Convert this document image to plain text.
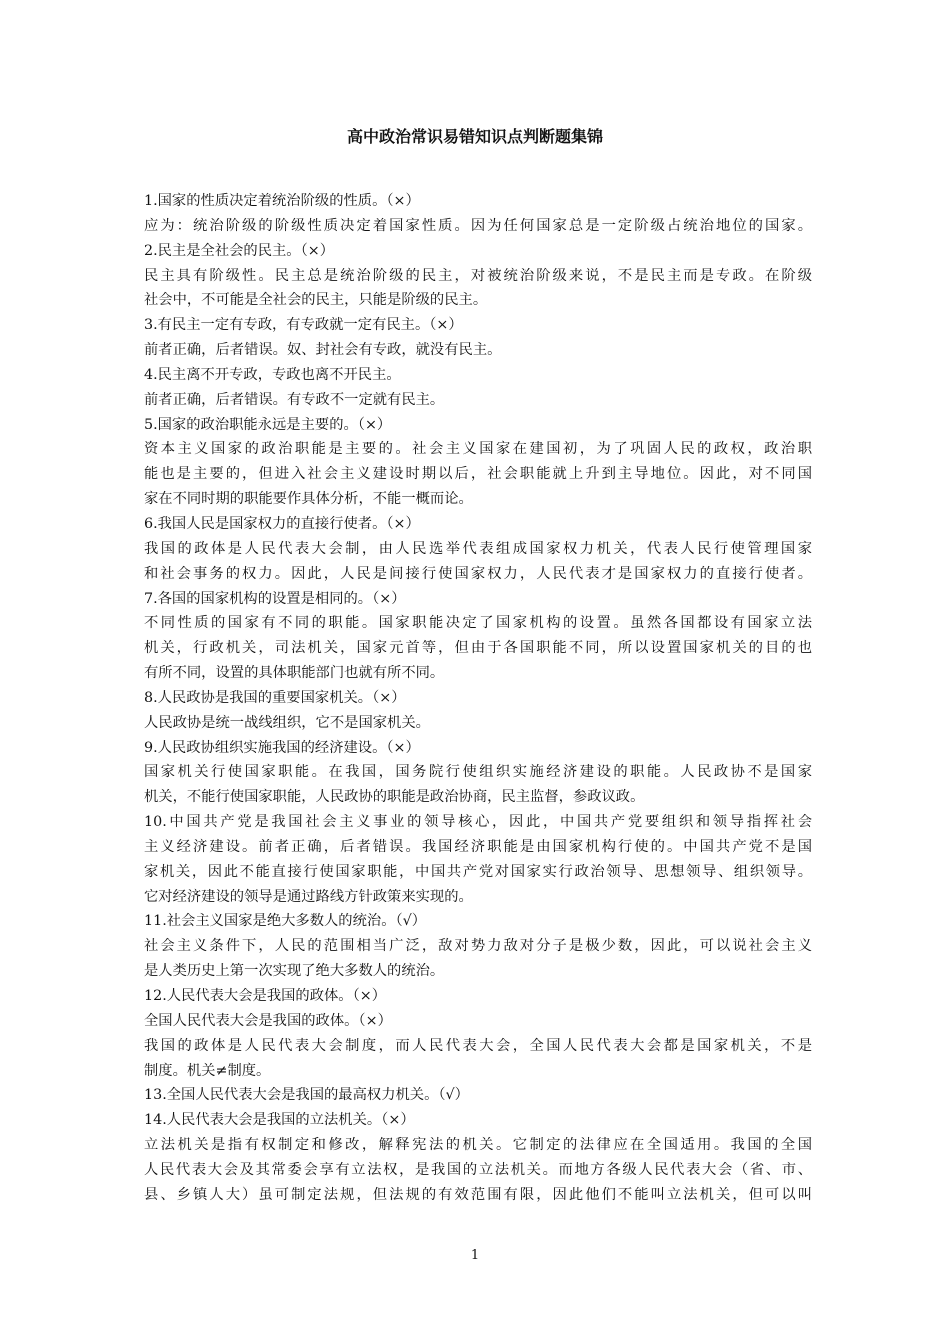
高中政治常识易错知识点判断题集锦
1.国家的性质决定着统治阶级的性质。（×）
应为：统治阶级的阶级性质决定着国家性质。因为任何国家总是一定阶级占统治地位的国家。
2.民主是全社会的民主。（×）
民主具有阶级性。民主总是统治阶级的民主，对被统治阶级来说，不是民主而是专政。在阶级
社会中，不可能是全社会的民主，只能是阶级的民主。
3.有民主一定有专政，有专政就一定有民主。（×）
前者正确，后者错误。奴、封社会有专政，就没有民主。
4.民主离不开专政，专政也离不开民主。
前者正确，后者错误。有专政不一定就有民主。
5.国家的政治职能永远是主要的。（×）
资本主义国家的政治职能是主要的。社会主义国家在建国初，为了巩固人民的政权，政治职
能也是主要的，但进入社会主义建设时期以后，社会职能就上升到主导地位。因此，对不同国
家在不同时期的职能要作具体分析，不能一概而论。
6.我国人民是国家权力的直接行使者。（×）
我国的政体是人民代表大会制，由人民选举代表组成国家权力机关，代表人民行使管理国家
和社会事务的权力。因此，人民是间接行使国家权力，人民代表才是国家权力的直接行使者。
7.各国的国家机构的设置是相同的。（×）
不同性质的国家有不同的职能。国家职能决定了国家机构的设置。虽然各国都设有国家立法
机关，行政机关，司法机关，国家元首等，但由于各国职能不同，所以设置国家机关的目的也
有所不同，设置的具体职能部门也就有所不同。
8.人民政协是我国的重要国家机关。（×）
人民政协是统一战线组织，它不是国家机关。
9.人民政协组织实施我国的经济建设。（×）
国家机关行使国家职能。在我国，国务院行使组织实施经济建设的职能。人民政协不是国家
机关，不能行使国家职能，人民政协的职能是政治协商，民主监督，参政议政。
10.中国共产党是我国社会主义事业的领导核心，因此，中国共产党要组织和领导指挥社会
主义经济建设。前者正确，后者错误。我国经济职能是由国家机构行使的。中国共产党不是国
家机关，因此不能直接行使国家职能，中国共产党对国家实行政治领导、思想领导、组织领导。
它对经济建设的领导是通过路线方针政策来实现的。
11.社会主义国家是绝大多数人的统治。（√）
社会主义条件下，人民的范围相当广泛，敌对势力敌对分子是极少数，因此，可以说社会主义
是人类历史上第一次实现了绝大多数人的统治。
12.人民代表大会是我国的政体。（×）
全国人民代表大会是我国的政体。（×）
我国的政体是人民代表大会制度，而人民代表大会，全国人民代表大会都是国家机关，不是
制度。机关≠制度。
13.全国人民代表大会是我国的最高权力机关。（√）
14.人民代表大会是我国的立法机关。（×）
立法机关是指有权制定和修改，解释宪法的机关。它制定的法律应在全国适用。我国的全国
人民代表大会及其常委会享有立法权，是我国的立法机关。而地方各级人民代表大会（省、市、
县、乡镇人大）虽可制定法规，但法规的有效范围有限，因此他们不能叫立法机关，但可以叫
1
